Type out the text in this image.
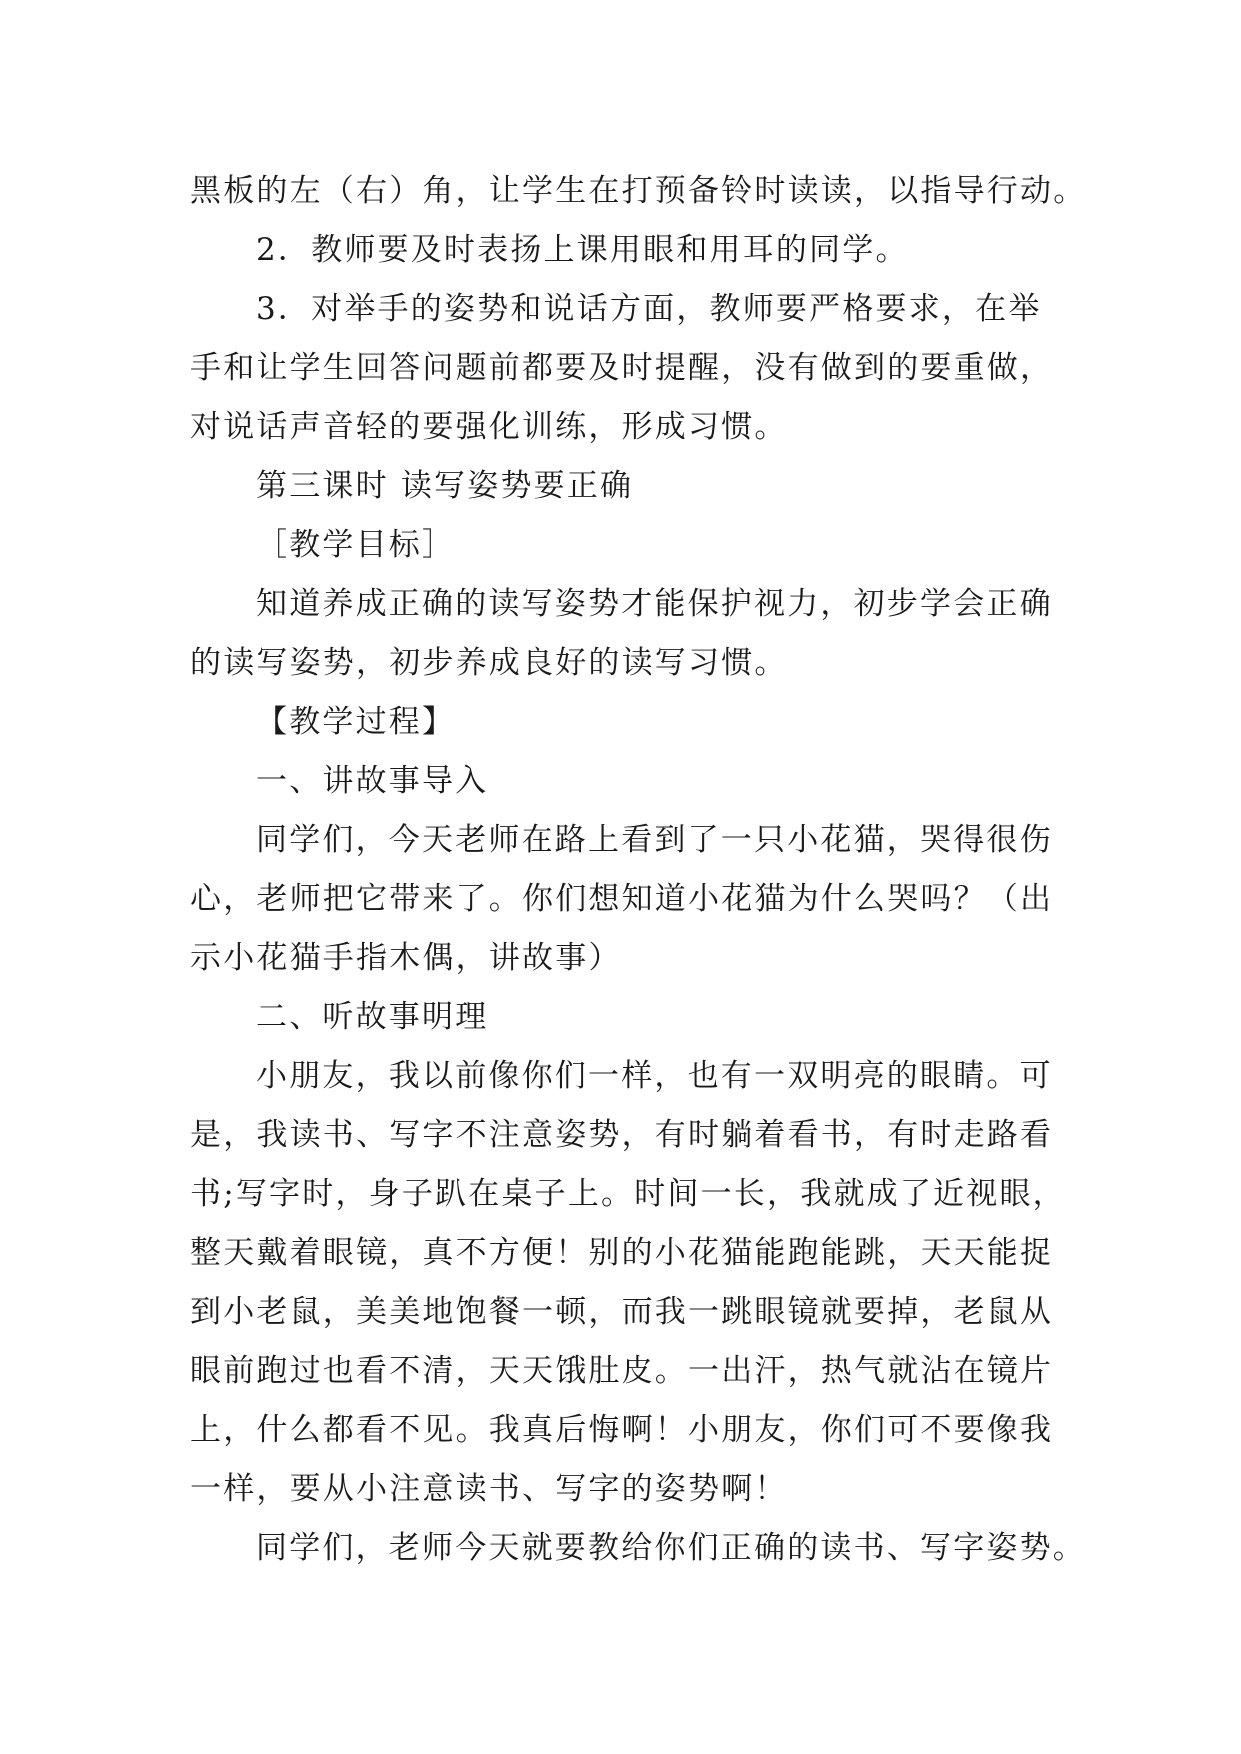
黑板的左（右）角，让学生在打预备铃时读读，以指导行动。
2．教师要及时表扬上课用眼和用耳的同学。
3．对举手的姿势和说话方面，教师要严格要求，在举
手和让学生回答问题前都要及时提醒，没有做到的要重做，
对说话声音轻的要强化训练，形成习惯。
第三课时 读写姿势要正确
［教学目标］
知道养成正确的读写姿势才能保护视力，初步学会正确
的读写姿势，初步养成良好的读写习惯。
【教学过程】
一、讲故事导入
同学们，今天老师在路上看到了一只小花猫，哭得很伤
心，老师把它带来了。你们想知道小花猫为什么哭吗？（出
示小花猫手指木偶，讲故事）
二、听故事明理
小朋友，我以前像你们一样，也有一双明亮的眼睛。可
是，我读书、写字不注意姿势，有时躺着看书，有时走路看
书;写字时，身子趴在桌子上。时间一长，我就成了近视眼，
整天戴着眼镜，真不方便！别的小花猫能跑能跳，天天能捉
到小老鼠，美美地饱餐一顿，而我一跳眼镜就要掉，老鼠从
眼前跑过也看不清，天天饿肚皮。一出汗，热气就沾在镜片
上，什么都看不见。我真后悔啊！小朋友，你们可不要像我
一样，要从小注意读书、写字的姿势啊！
同学们，老师今天就要教给你们正确的读书、写字姿势。
